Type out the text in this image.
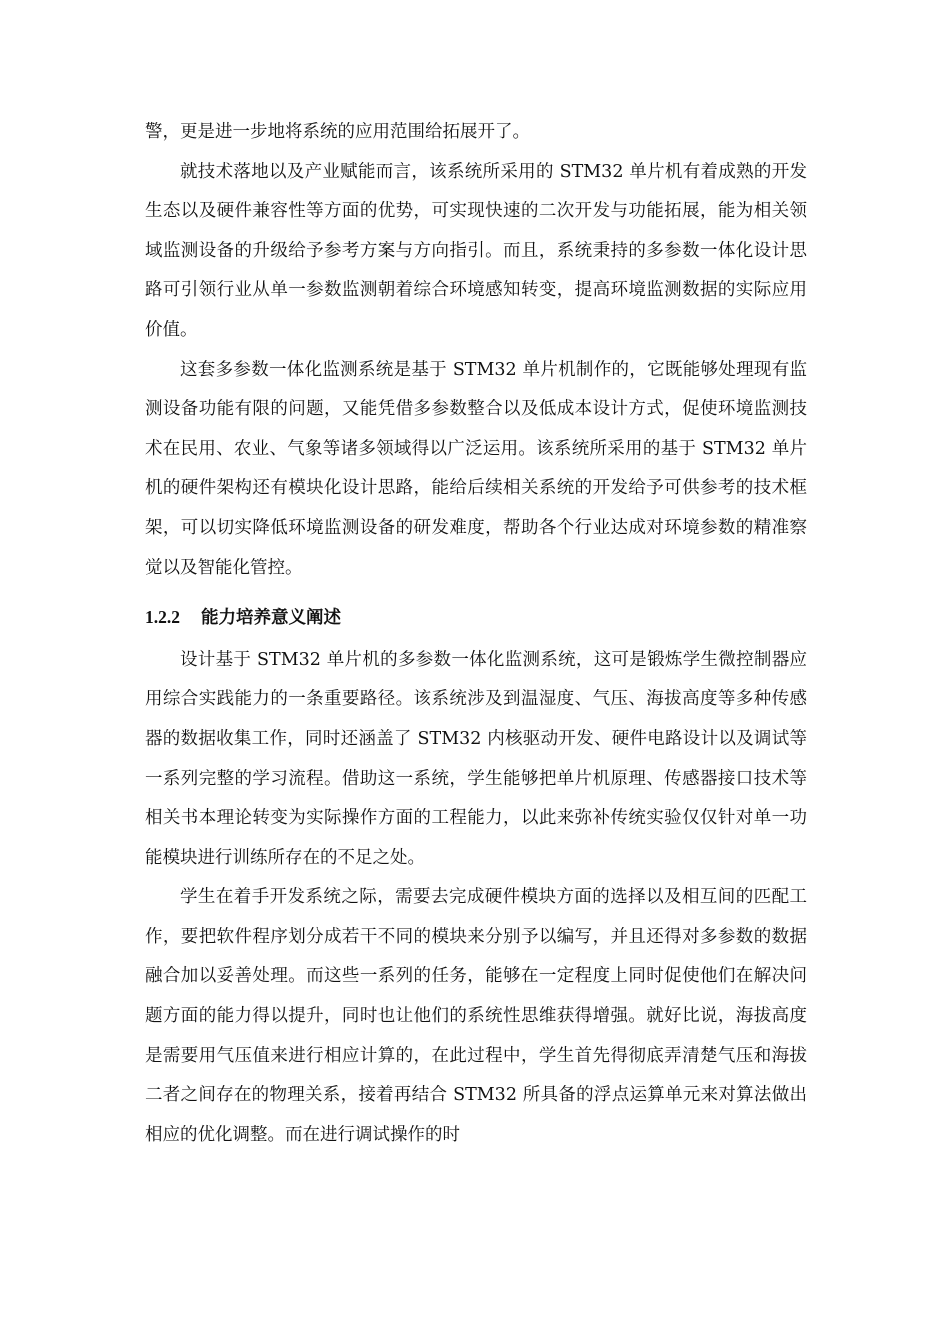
警，更是进一步地将系统的应用范围给拓展开了。

就技术落地以及产业赋能而言，该系统所采用的 STM32 单片机有着成熟的开发生态以及硬件兼容性等方面的优势，可实现快速的二次开发与功能拓展，能为相关领域监测设备的升级给予参考方案与方向指引。而且，系统秉持的多参数一体化设计思路可引领行业从单一参数监测朝着综合环境感知转变，提高环境监测数据的实际应用价值。

这套多参数一体化监测系统是基于 STM32 单片机制作的，它既能够处理现有监测设备功能有限的问题，又能凭借多参数整合以及低成本设计方式，促使环境监测技术在民用、农业、气象等诸多领域得以广泛运用。该系统所采用的基于 STM32 单片机的硬件架构还有模块化设计思路，能给后续相关系统的开发给予可供参考的技术框架，可以切实降低环境监测设备的研发难度，帮助各个行业达成对环境参数的精准察觉以及智能化管控。

1.2.2 能力培养意义阐述

设计基于 STM32 单片机的多参数一体化监测系统，这可是锻炼学生微控制器应用综合实践能力的一条重要路径。该系统涉及到温湿度、气压、海拔高度等多种传感器的数据收集工作，同时还涵盖了 STM32 内核驱动开发、硬件电路设计以及调试等一系列完整的学习流程。借助这一系统，学生能够把单片机原理、传感器接口技术等相关书本理论转变为实际操作方面的工程能力，以此来弥补传统实验仅仅针对单一功能模块进行训练所存在的不足之处。

学生在着手开发系统之际，需要去完成硬件模块方面的选择以及相互间的匹配工作，要把软件程序划分成若干不同的模块来分别予以编写，并且还得对多参数的数据融合加以妥善处理。而这些一系列的任务，能够在一定程度上同时促使他们在解决问题方面的能力得以提升，同时也让他们的系统性思维获得增强。就好比说，海拔高度是需要用气压值来进行相应计算的，在此过程中，学生首先得彻底弄清楚气压和海拔二者之间存在的物理关系，接着再结合 STM32 所具备的浮点运算单元来对算法做出相应的优化调整。而在进行调试操作的时
